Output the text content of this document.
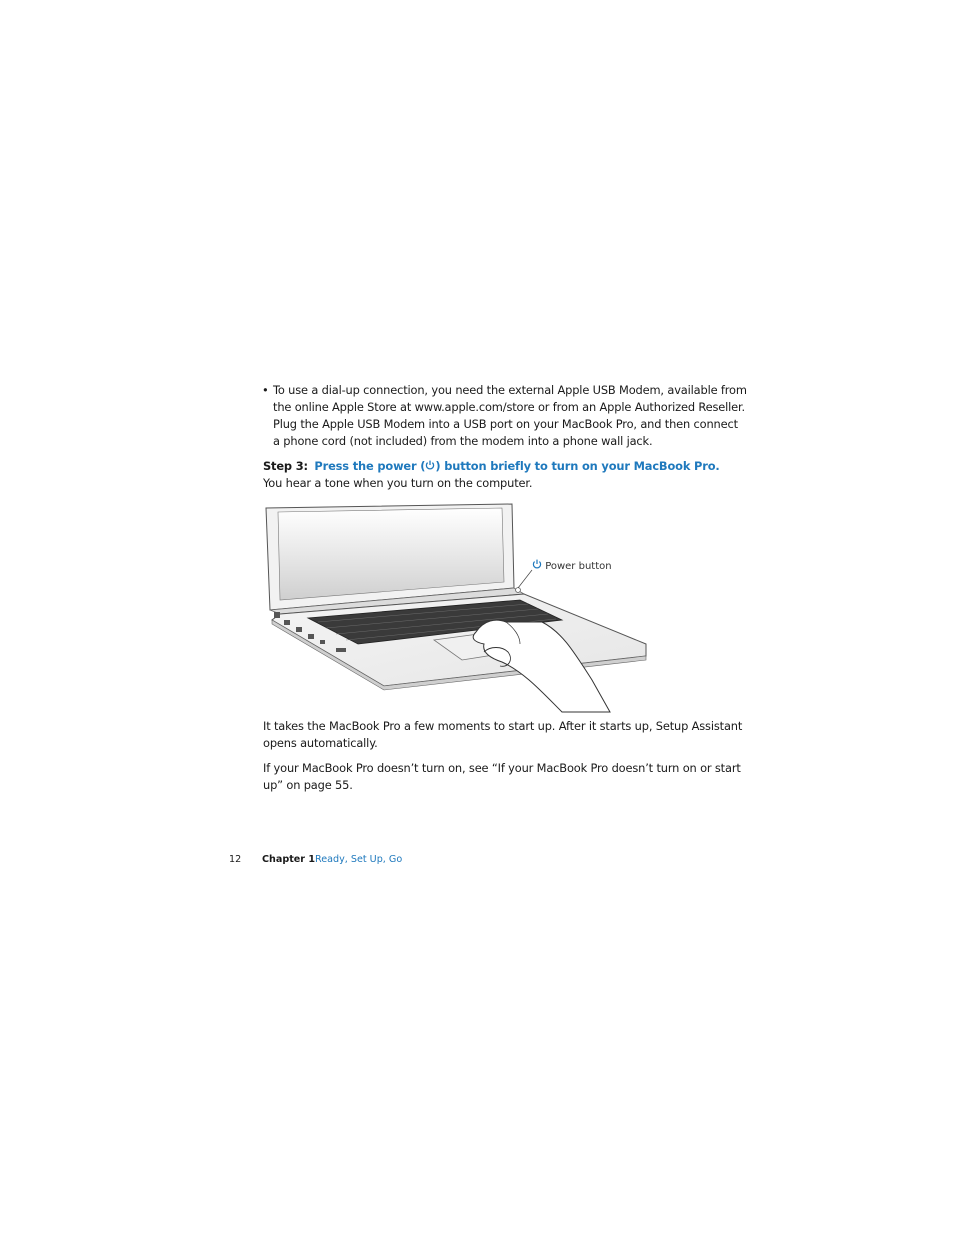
• To use a dial-up connection, you need the external Apple USB Modem, available from
the online Apple Store at www.apple.com/store or from an Apple Authorized Reseller.
Plug the Apple USB Modem into a USB port on your MacBook Pro, and then connect
a phone cord (not included) from the modem into a phone wall jack.
Step 3: Press the power ( ) button briefly to turn on your MacBook Pro.
You hear a tone when you turn on the computer.
Power button
It takes the MacBook Pro a few moments to start up. After it starts up, Setup Assistant
opens automatically.
If your MacBook Pro doesn’t turn on, see “If your MacBook Pro doesn’t turn on or start
up” on page 55.
12 Chapter 1 Ready, Set Up, Go
